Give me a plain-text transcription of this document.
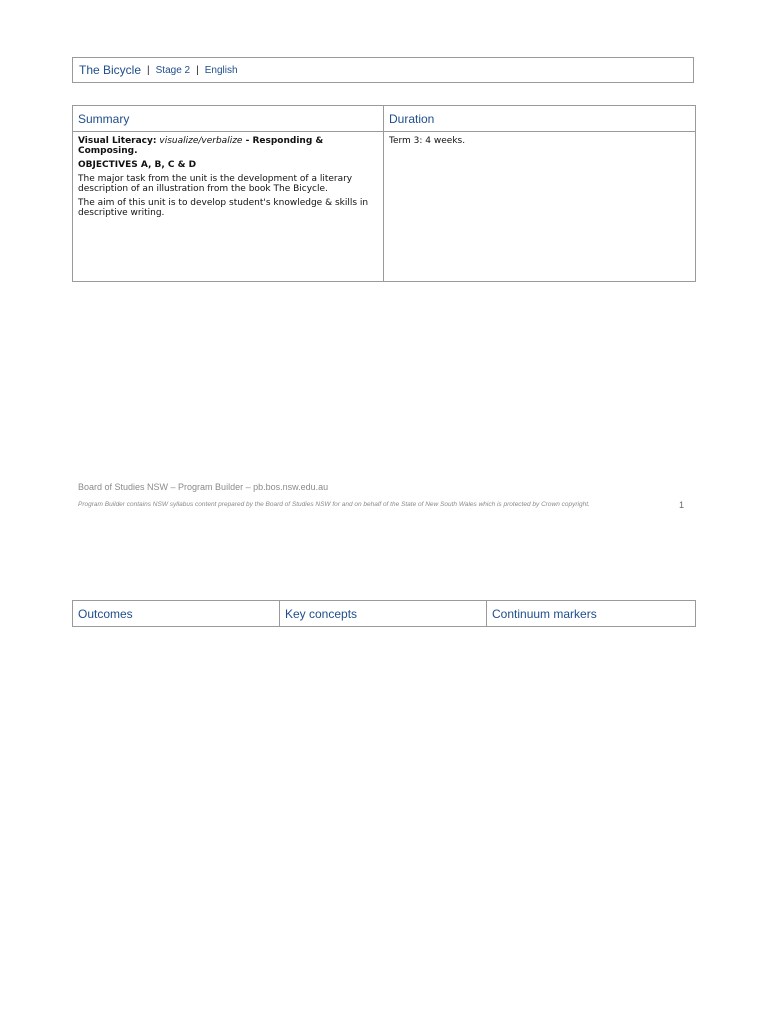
The Bicycle | Stage 2 | English
Summary	Duration

Visual Literacy: visualize/verbalize - Responding & Composing.

OBJECTIVES A, B, C & D

The major task from the unit is the development of a literary description of an illustration from the book The Bicycle.

The aim of this unit is to develop student's knowledge & skills in descriptive writing.	Term 3: 4 weeks.
Board of Studies NSW – Program Builder – pb.bos.nsw.edu.au
Program Builder contains NSW syllabus content prepared by the Board of Studies NSW for and on behalf of the State of New South Wales which is protected by Crown copyright.	1
Outcomes	Key concepts	Continuum markers
